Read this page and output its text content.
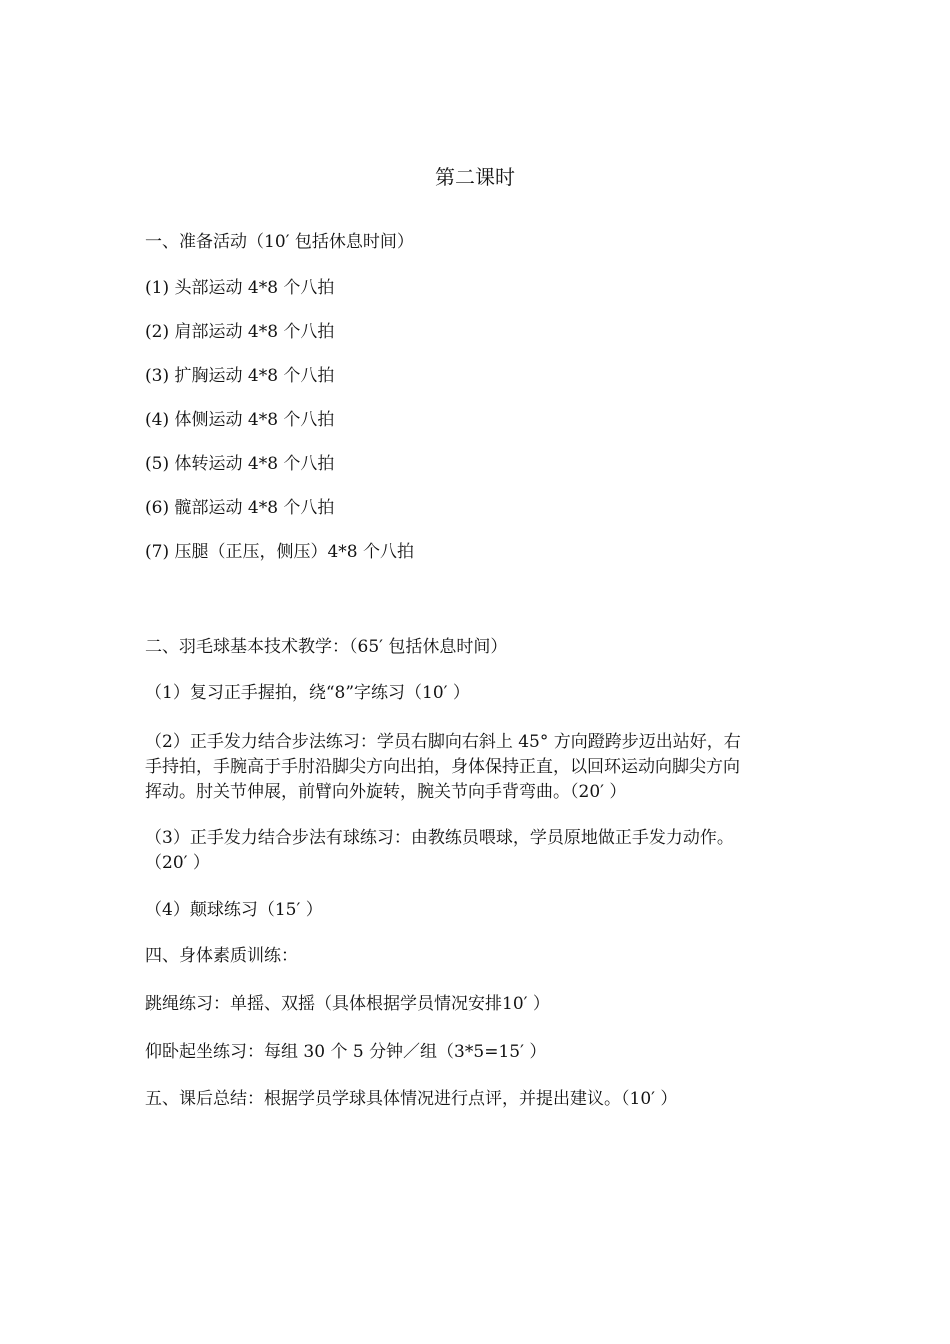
第二课时
一、准备活动（10′ 包括休息时间）
(1) 头部运动 4*8 个八拍
(2) 肩部运动 4*8 个八拍
(3) 扩胸运动 4*8 个八拍
(4) 体侧运动 4*8 个八拍
(5) 体转运动 4*8 个八拍
(6) 髋部运动 4*8 个八拍
(7) 压腿（正压，侧压）4*8 个八拍
二、羽毛球基本技术教学：（65′ 包括休息时间）
（1）复习正手握拍，绕“8”字练习（10′ ）
（2）正手发力结合步法练习：学员右脚向右斜上 45° 方向蹬跨步迈出站好，右
手持拍，手腕高于手肘沿脚尖方向出拍，身体保持正直，以回环运动向脚尖方向
挥动。肘关节伸展，前臂向外旋转，腕关节向手背弯曲。（20′ ）
（3）正手发力结合步法有球练习：由教练员喂球，学员原地做正手发力动作。
（20′ ）
（4）颠球练习（15′ ）
四、身体素质训练：
跳绳练习：单摇、双摇（具体根据学员情况安排10′ ）
仰卧起坐练习：每组 30 个 5 分钟／组（3*5=15′ ）
五、课后总结：根据学员学球具体情况进行点评，并提出建议。（10′ ）
